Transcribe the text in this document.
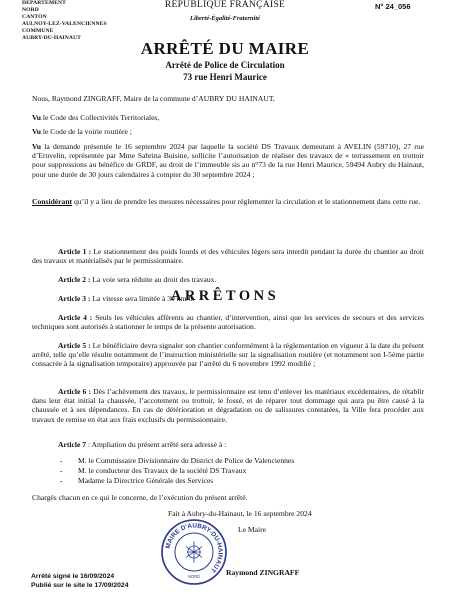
DEPARTEMENT
NORD
CANTON
AULNOY-LEZ-VALENCIENNES
COMMUNE
AUBRY-DU-HAINAUT
RÉPUBLIQUE FRANÇAISE
Liberté-Égalité-Fraternité
N° 24_056
ARRÊTÉ DU MAIRE
Arrêté de Police de Circulation
73 rue Henri Maurice
Nous, Raymond ZINGRAFF, Maire de la commune d’AUBRY DU HAINAUT,
Vu le Code des Collectivités Territoriales,
Vu le Code de la voirie routière ;
Vu la demande présentée le 16 septembre 2024 par laquelle la société DS Travaux demeurant à AVELIN (59710), 27 rue d’Eruvelin, représentée par Mme Sabrina Buisine, sollicite l’autorisation de réaliser des travaux de « terrassement en trottoir pour suppressions au bénéfice de GRDF, au droit de l’immeuble sis au n°73 de la rue Henri Maurice, 59494 Aubry du Hainaut, pour une durée de 30 jours calendaires à compter du 30 septembre 2024 ;
Considérant qu’il y a lieu de prendre les mesures nécessaires pour réglementer la circulation et le stationnement dans cette rue.
ARRÊTONS
Article 1 : Le stationnement des poids lourds et des véhicules légers sera interdit pendant la durée du chantier au droit des travaux et matérialisés par le permissionnaire.
Article 2 : La voie sera réduite au droit des travaux.
Article 3 : La vitesse sera limitée à 30 km/h.
Article 4 : Seuls les véhicules afférents au chantier, d’intervention, ainsi que les services de secours et des services techniques sont autorisés à stationner le temps de la présente autorisation.
Article 5 : Le bénéficiaire devra signaler son chantier conformément à la réglementation en vigueur à la date du présent arrêté, telle qu’elle résulte notamment de l’instruction ministérielle sur la signalisation routière (et notamment son I-5ème partie consacrée à la signalisation temporaire) approuvée par l’arrêté du 6 novembre 1992 modifié ;
Article 6 : Dès l’achèvement des travaux, le permissionnaire est tenu d’enlever les matériaux excédentaires, de rétablir dans leur état initial la chaussée, l’accotement ou trottoir, le fossé, et de réparer tout dommage qui aura pu être causé à la chaussée et à ses dépendances. En cas de détérioration et dégradation ou de salissures constatées, la Ville fera procéder aux travaux de remise en état aux frais exclusifs du permissionnaire.
Article 7 : Ampliation du présent arrêté sera adressé à :
-	M. le Commissaire Divisionnaire du District de Police de Valenciennes
-	M. le conducteur des Travaux de la société DS Travaux
-	Madame la Directrice Générale des Services
Chargés chacun en ce qui le concerne, de l’exécution du présent arrêté.
Fait à Aubry-du-Hainaut, le 16 septembre 2024
Le Maire
Raymond ZINGRAFF
MAIRE D'AUBRY-DU-HAINAUT
NORD
Arrêté signé le 16/09/2024
Publié sur le site le 17/09/2024
